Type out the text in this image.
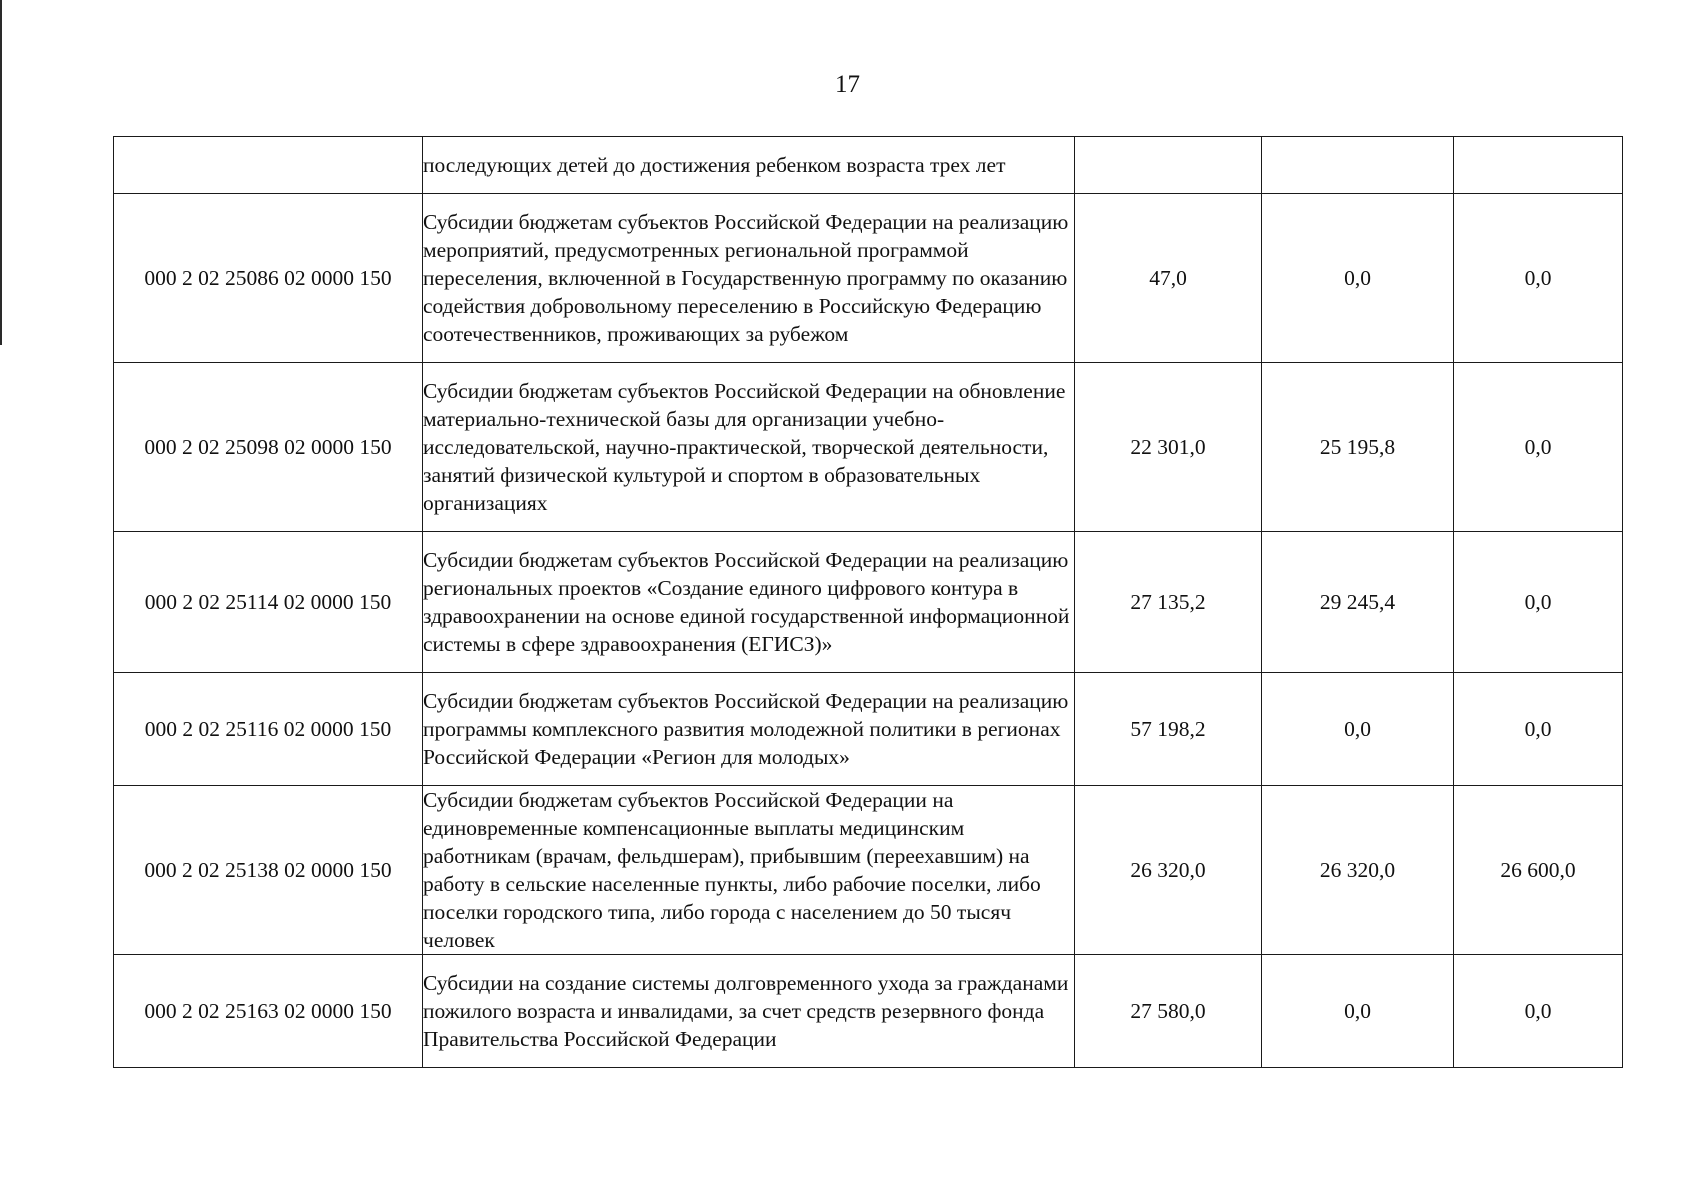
17

	последующих детей до достижения ребенком возраста трех лет			

000 2 02 25086 02 0000 150	Субсидии бюджетам субъектов Российской Федерации на реализацию мероприятий, предусмотренных региональной программой переселения, включенной в Государственную программу по оказанию содействия добровольному переселению в Российскую Федерацию соотечественников, проживающих за рубежом	47,0	0,0	0,0
000 2 02 25098 02 0000 150	Субсидии бюджетам субъектов Российской Федерации на обновление материально-технической базы для организации учебно-исследовательской, научно-практической, творческой деятельности, занятий физической культурой и спортом в образовательных организациях	22 301,0	25 195,8	0,0
000 2 02 25114 02 0000 150	Субсидии бюджетам субъектов Российской Федерации на реализацию региональных проектов «Создание единого цифрового контура в здравоохранении на основе единой государственной информационной системы в сфере здравоохранения (ЕГИСЗ)»	27 135,2	29 245,4	0,0
000 2 02 25116 02 0000 150	Субсидии бюджетам субъектов Российской Федерации на реализацию программы комплексного развития молодежной политики в регионах Российской Федерации «Регион для молодых»	57 198,2	0,0	0,0
000 2 02 25138 02 0000 150	Субсидии бюджетам субъектов Российской Федерации на единовременные компенсационные выплаты медицинским работникам (врачам, фельдшерам), прибывшим (переехавшим) на работу в сельские населенные пункты, либо рабочие поселки, либо поселки городского типа, либо города с населением до 50 тысяч человек	26 320,0	26 320,0	26 600,0
000 2 02 25163 02 0000 150	Субсидии на создание системы долговременного ухода за гражданами пожилого возраста и инвалидами, за счет средств резервного фонда Правительства Российской Федерации	27 580,0	0,0	0,0
